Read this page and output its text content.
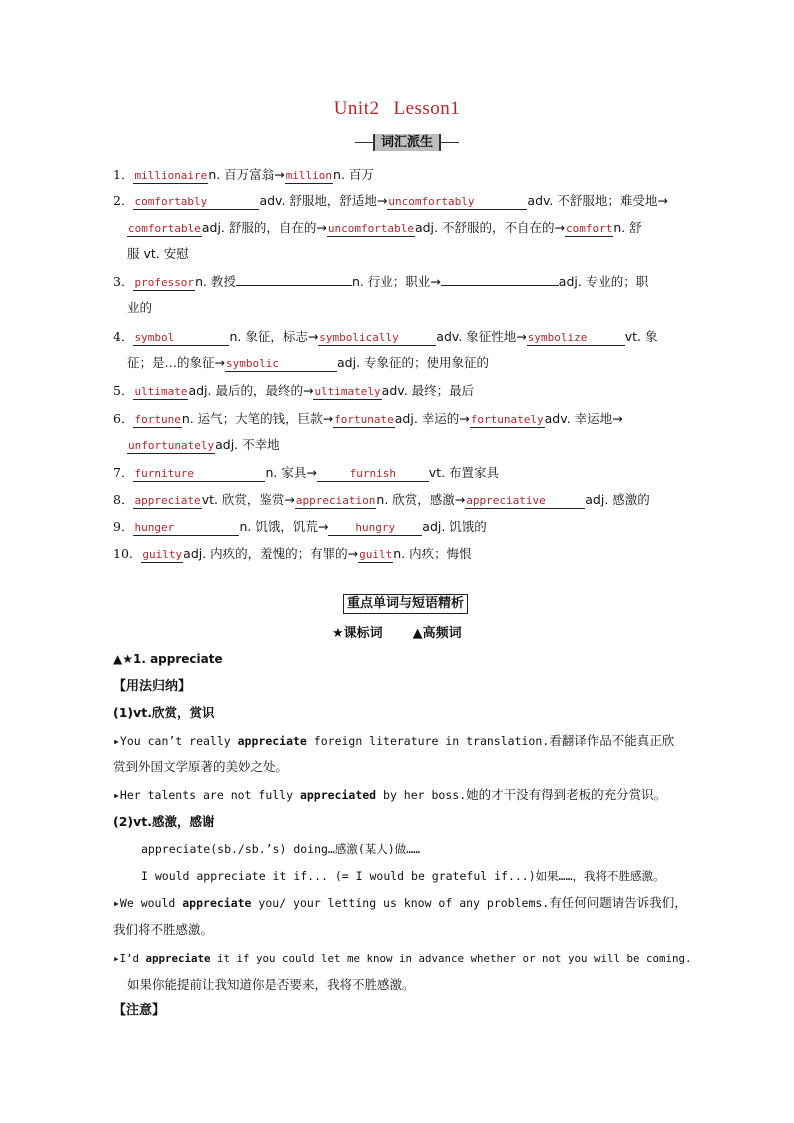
Unit2 Lesson1
词汇派生
1．millionairen. 百万富翁→millionn. 百万
2．comfortably	adv. 舒服地，舒适地→uncomfortably	adv. 不舒服地；难受地→
comfortableadj. 舒服的，自在的→uncomfortableadj. 不舒服的，不自在的→comfortn. 舒
服 vt. 安慰
3．professorn. 教授	n. 行业；职业→	adj. 专业的；职
业的
4．symbol	n. 象征，标志→symbolically	adv. 象征性地→symbolize	vt. 象
征；是…的象征→symbolic	adj. 专象征的；使用象征的
5．ultimateadj. 最后的，最终的→ultimatelyadv. 最终；最后
6．fortunen. 运气；大笔的钱，巨款→fortunateadj. 幸运的→fortunatelyadv. 幸运地→
unfortunatelyadj. 不幸地
7．furniture	n. 家具→	furnish	vt. 布置家具
8．appreciatevt. 欣赏，鉴赏→appreciationn. 欣赏，感激→appreciative	adj. 感激的
9．hunger	n. 饥饿，饥荒→ hungry adj. 饥饿的
10．guiltyadj. 内疚的，羞愧的；有罪的→guiltn. 内疚；悔恨
重点单词与短语精析
★课标词 ▲高频词
▲★1. appreciate
【用法归纳】
(1)vt.欣赏，赏识
▸You can’t really appreciate foreign literature in translation.看翻译作品不能真正欣
赏到外国文学原著的美妙之处。
▸Her talents are not fully appreciated by her boss.她的才干没有得到老板的充分赏识。
(2)vt.感激，感谢
appreciate(sb./sb.’s) doing…感激(某人)做……
I would appreciate it if... (= I would be grateful if...)如果……，我将不胜感激。
▸We would appreciate you/ your letting us know of any problems.有任何问题请告诉我们，
我们将不胜感激。
▸I’d appreciate it if you could let me know in advance whether or not you will be coming.
如果你能提前让我知道你是否要来，我将不胜感激。
【注意】
